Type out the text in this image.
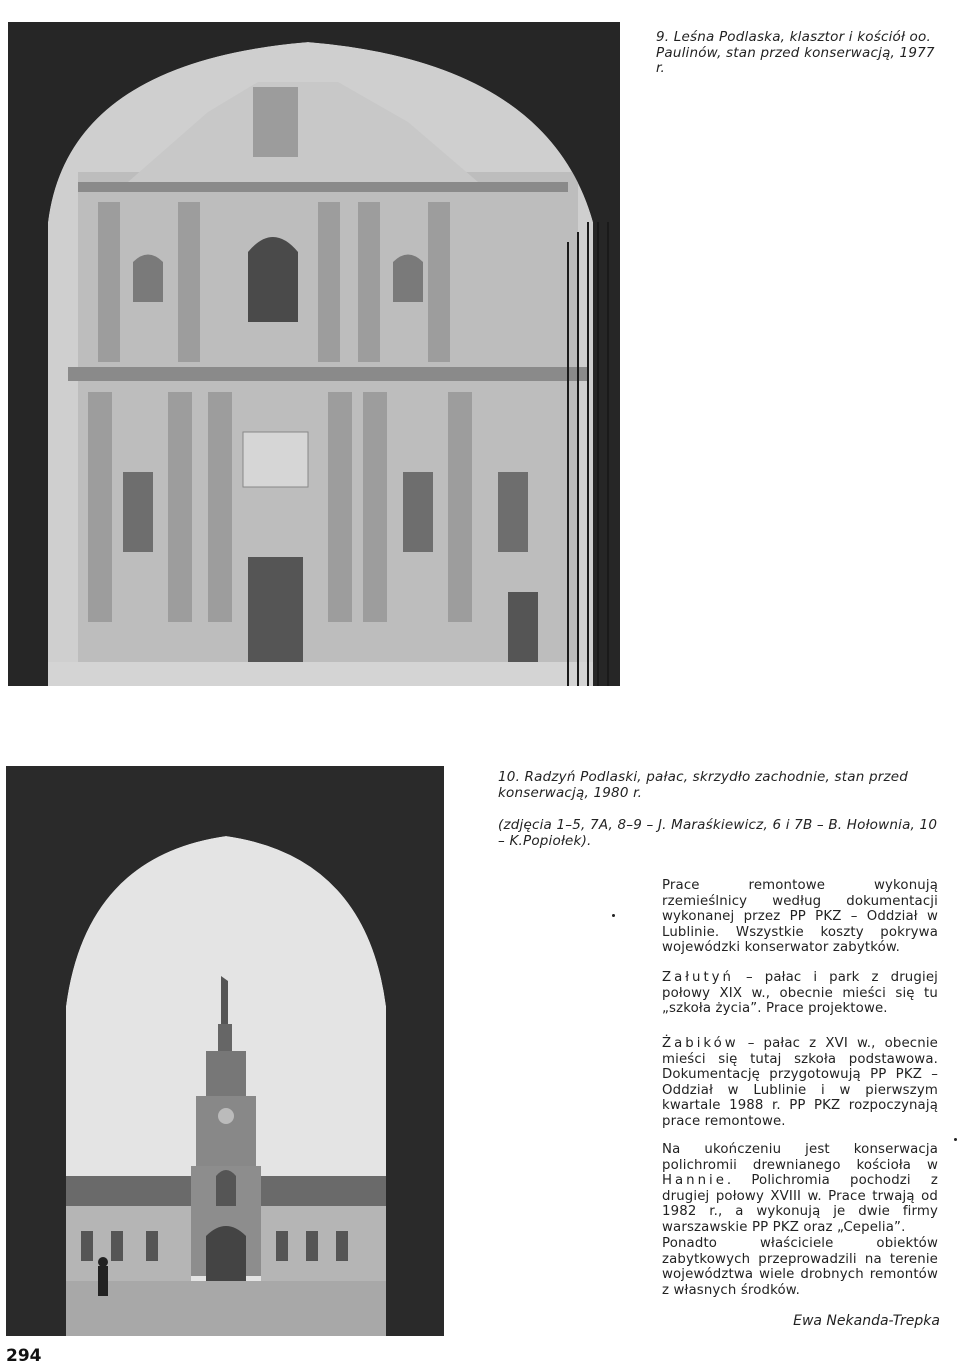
9. Leśna Podlaska, klasztor i kościół oo. Paulinów, stan przed konserwacją, 1977 r.
10. Radzyń Podlaski, pałac, skrzydło zachodnie, stan przed konserwacją, 1980 r.
(zdjęcia 1–5, 7A, 8–9 – J. Maraśkiewicz, 6 i 7B – B. Hołownia, 10 – K.Popiołek).

Prace remontowe wykonują rzemieślnicy według dokumentacji wykonanej przez PP PKZ – Oddział w Lublinie. Wszystkie koszty pokrywa wojewódzki konserwator zabytków.

Załutyń – pałac i park z drugiej połowy XIX w., obecnie mieści się tu „szkoła życia”. Prace projektowe.

Żabików – pałac z XVI w., obecnie mieści się tutaj szkoła podstawowa. Dokumentację przygotowują PP PKZ – Oddział w Lublinie i w pierwszym kwartale 1988 r. PP PKZ rozpoczynają prace remontowe.

Na ukończeniu jest konserwacja polichromii drewnianego kościoła w Hannie. Polichromia pochodzi z drugiej połowy XVIII w. Prace trwają od 1982 r., a wykonują je dwie firmy warszawskie PP PKZ oraz „Cepelia”.

Ponadto właściciele obiektów zabytkowych przeprowadzili na terenie województwa wiele drobnych remontów z własnych środków.

Ewa Nekanda-Trepka
294
